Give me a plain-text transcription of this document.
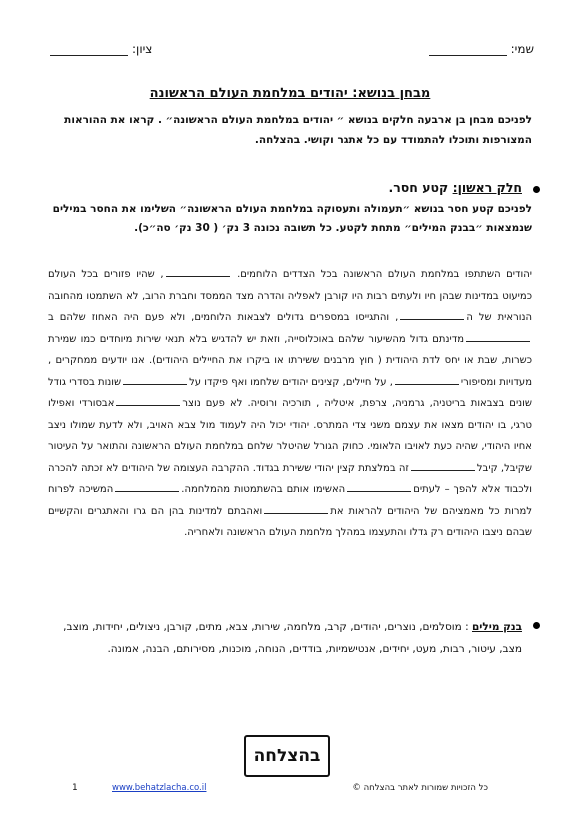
שמי:
ציון:
מבחן בנושא: יהודים במלחמת העולם הראשונה
לפניכם מבחן בן ארבעה חלקים בנושא ״ יהודים במלחמת העולם הראשונה״ . קראו את ההוראות המצורפות ותוכלו להתמודד עם כל אתגר וקושי. בהצלחה.
חלק ראשון: קטע חסר.
לפניכם קטע חסר בנושא ״תעמולה ותעסוקה במלחמת העולם הראשונה״ השלימו את החסר במילים שנמצאות ״בבנק המילים״ מתחת לקטע. כל תשובה נכונה 3 נק׳ ( 30 נק׳ סה״כ).
יהודים השתתפו במלחמת העולם הראשונה בכל הצדדים הלוחמים. , שהיו פזורים בכל העולם כמיעוט במדינות שבהן חיו ולעתים רבות היו קורבן לאפליה והדרה מצד הממסד וחברת הרוב, לא השתמטו מהחובה הנוראית של ה, והתגייסו במספרים גדולים לצבאות הלוחמים, ולא פעם היה האחוז שלהם במדינתם גדול מהשיעור שלהם באוכלוסייה, וזאת יש להדגיש בלא תנאי שירות מיוחדים כמו שמירת כשרות, שבת או יחס לדת היהודית ( חוץ מרבנים ששירתו או ביקרו את החיילים היהודים). אנו יודעים ממחקרים , מעדויות ומסיפורי, על חיילים, קצינים יהודים שלחמו ואף פיקדו עלשונות בסדרי גודל שונים בצבאות בריטניה, גרמניה, צרפת, איטליה , תורכיה ורוסיה. לא פעם נוצראבסורדי ואפילו טרגי, בו יהודים מצאו את עצמם משני צדי המתרס. יהודי יכול היה לעמוד מול צבא האויב, ולא לדעת שמולו ניצב אחיו היהודי, שהיה כעת לאויבו הלאומי. כחוק הגורל שהיטלר שלחם במלחמת העולם הראשונה והתואר על העיטור שקיבל, קיבלזה במלצתת קצין יהודי ששירת בגדוד. ההקרבה העצומה של היהודים לא זכתה להכרה ולכבוד אלא להפך – לעתיםהאשימו אותם בהשתמטות מהמלחמה.המשיכה לפרוח למרות כל מאמציהם של היהודים להראות אתואהבתם למדינות בהן הם גרו והאתגרים והקשיים שבהם ניצבו היהודים רק גדלו והתעצמו במהלך מלחמת העולם הראשונה ולאחריה.
בנק מילים : מוסלמים, נוצרים, יהודים, קרב, מלחמה, שירות, צבא, מתים, קורבן, ניצולים, יחידות, מוצב, מצב, עיטור, רבות, מעט, יחידים, אנטישמיות, בודדים, הנוחה, מוכנות, מסירותם, הבנה, אמונה.
בהצלחה
כל הזכויות שמורות לאתר בהצלחה ©
www.behatzlacha.co.il
1
